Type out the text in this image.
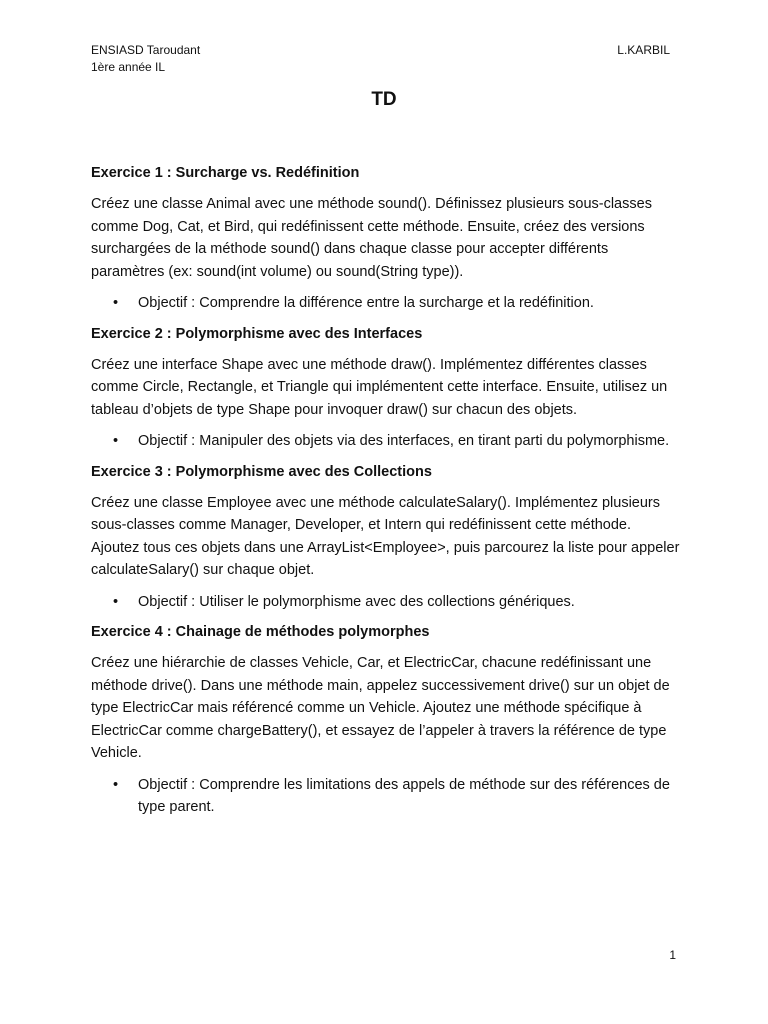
ENSIASD Taroudant
1ère année IL
L.KARBIL
TD
Exercice 1 : Surcharge vs. Redéfinition
Créez une classe Animal avec une méthode sound(). Définissez plusieurs sous-classes comme Dog, Cat, et Bird, qui redéfinissent cette méthode. Ensuite, créez des versions surchargées de la méthode sound() dans chaque classe pour accepter différents paramètres (ex: sound(int volume) ou sound(String type)).
• Objectif : Comprendre la différence entre la surcharge et la redéfinition.
Exercice 2 : Polymorphisme avec des Interfaces
Créez une interface Shape avec une méthode draw(). Implémentez différentes classes comme Circle, Rectangle, et Triangle qui implémentent cette interface. Ensuite, utilisez un tableau d’objets de type Shape pour invoquer draw() sur chacun des objets.
• Objectif : Manipuler des objets via des interfaces, en tirant parti du polymorphisme.
Exercice 3 : Polymorphisme avec des Collections
Créez une classe Employee avec une méthode calculateSalary(). Implémentez plusieurs sous-classes comme Manager, Developer, et Intern qui redéfinissent cette méthode. Ajoutez tous ces objets dans une ArrayList<Employee>, puis parcourez la liste pour appeler calculateSalary() sur chaque objet.
• Objectif : Utiliser le polymorphisme avec des collections génériques.
Exercice 4 : Chainage de méthodes polymorphes
Créez une hiérarchie de classes Vehicle, Car, et ElectricCar, chacune redéfinissant une méthode drive(). Dans une méthode main, appelez successivement drive() sur un objet de type ElectricCar mais référencé comme un Vehicle. Ajoutez une méthode spécifique à ElectricCar comme chargeBattery(), et essayez de l’appeler à travers la référence de type Vehicle.
• Objectif : Comprendre les limitations des appels de méthode sur des références de type parent.
1
